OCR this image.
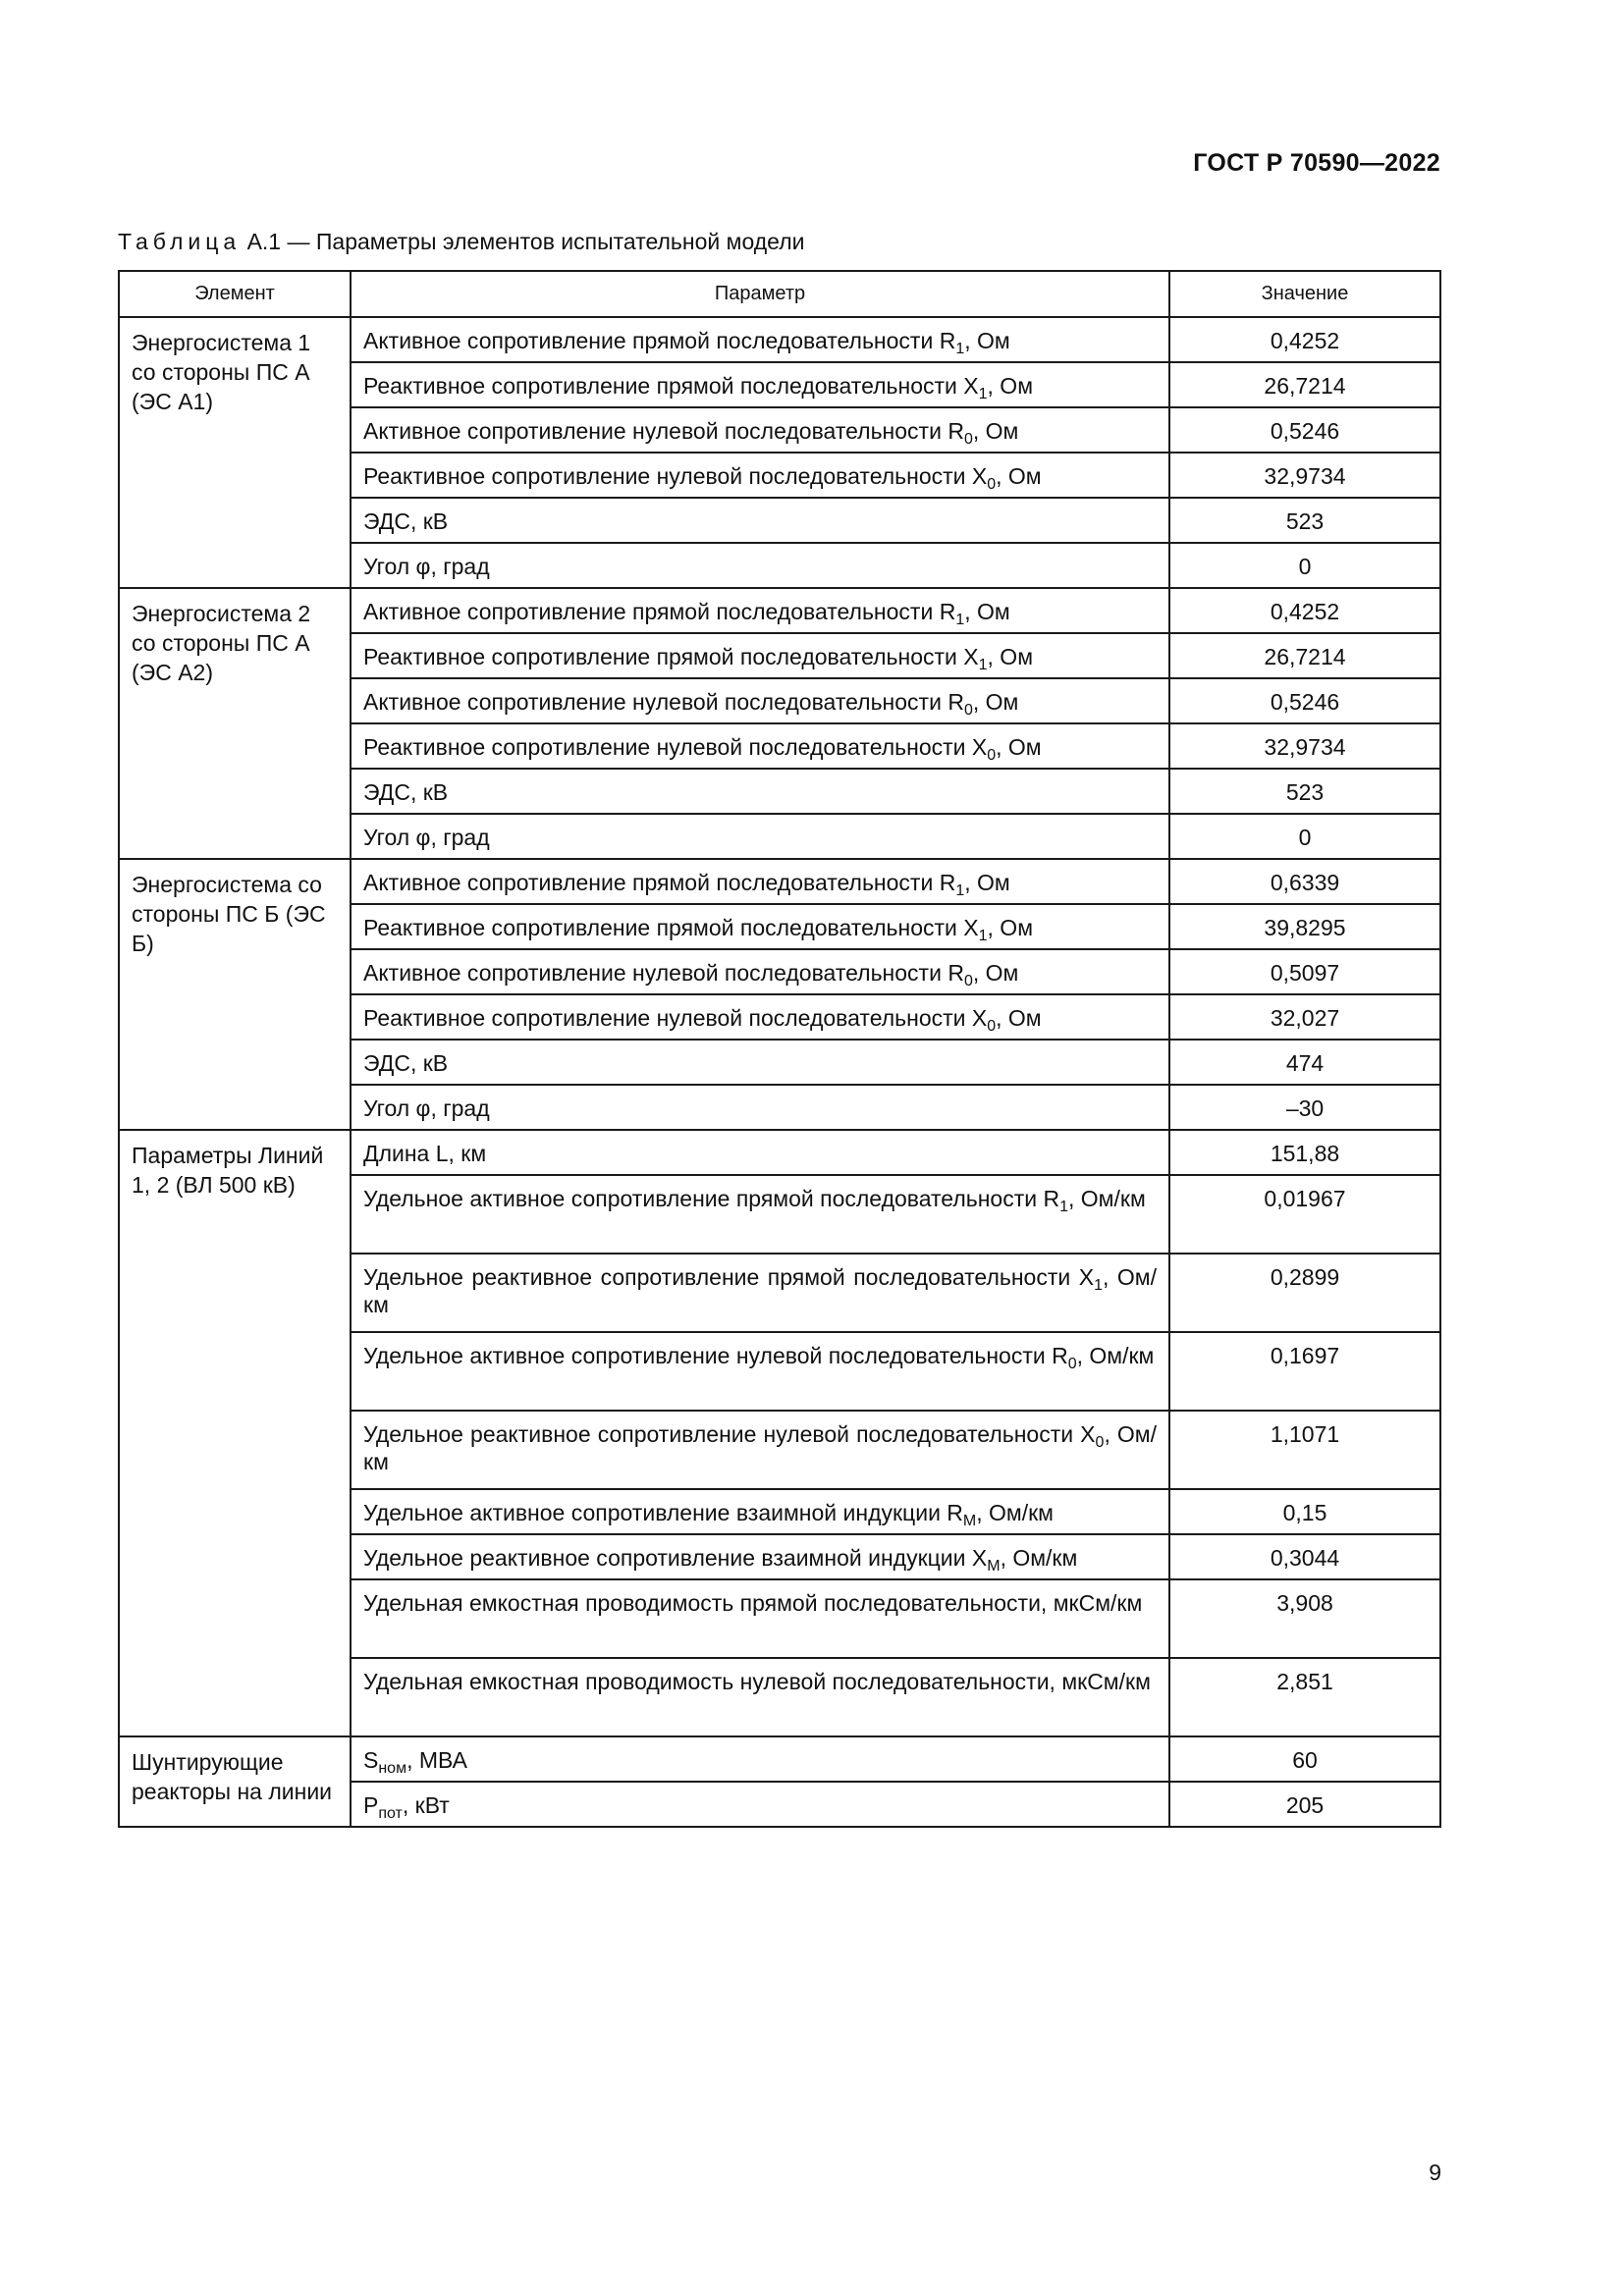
ГОСТ Р 70590—2022
Таблица А.1 — Параметры элементов испытательной модели
Элемент	Параметр	Значение
Энергосистема 1 со стороны ПС А (ЭС А1)	Активное сопротивление прямой последовательности $R_1$, Ом	0,4252
	Реактивное сопротивление прямой последовательности $X_1$, Ом	26,7214
	Активное сопротивление нулевой последовательности $R_0$, Ом	0,5246
	Реактивное сопротивление нулевой последовательности $X_0$, Ом	32,9734
	ЭДС, кВ	523
	Угол φ, град	0
Энергосистема 2 со стороны ПС А (ЭС А2)	Активное сопротивление прямой последовательности $R_1$, Ом	0,4252
	Реактивное сопротивление прямой последовательности $X_1$, Ом	26,7214
	Активное сопротивление нулевой последовательности $R_0$, Ом	0,5246
	Реактивное сопротивление нулевой последовательности $X_0$, Ом	32,9734
	ЭДС, кВ	523
	Угол φ, град	0
Энергосистема со стороны ПС Б (ЭС Б)	Активное сопротивление прямой последовательности $R_1$, Ом	0,6339
	Реактивное сопротивление прямой последовательности $X_1$, Ом	39,8295
	Активное сопротивление нулевой последовательности $R_0$, Ом	0,5097
	Реактивное сопротивление нулевой последовательности $X_0$, Ом	32,027
	ЭДС, кВ	474
	Угол φ, град	–30
Параметры Линий 1, 2 (ВЛ 500 кВ)	Длина L, км	151,88
	Удельное активное сопротивление прямой последовательности $R_1$, Ом/км	0,01967
	Удельное реактивное сопротивление прямой последовательности $X_1$, Ом/км	0,2899
	Удельное активное сопротивление нулевой последовательности $R_0$, Ом/км	0,1697
	Удельное реактивное сопротивление нулевой последовательности $X_0$, Ом/км	1,1071
	Удельное активное сопротивление взаимной индукции $R_M$, Ом/км	0,15
	Удельное реактивное сопротивление взаимной индукции $X_M$, Ом/км	0,3044
	Удельная емкостная проводимость прямой последовательности, мкСм/км	3,908
	Удельная емкостная проводимость нулевой последовательности, мкСм/км	2,851
Шунтирующие реакторы на линии	$S_{ном}$, МВА	60
	$P_{пот}$, кВт	205
9
